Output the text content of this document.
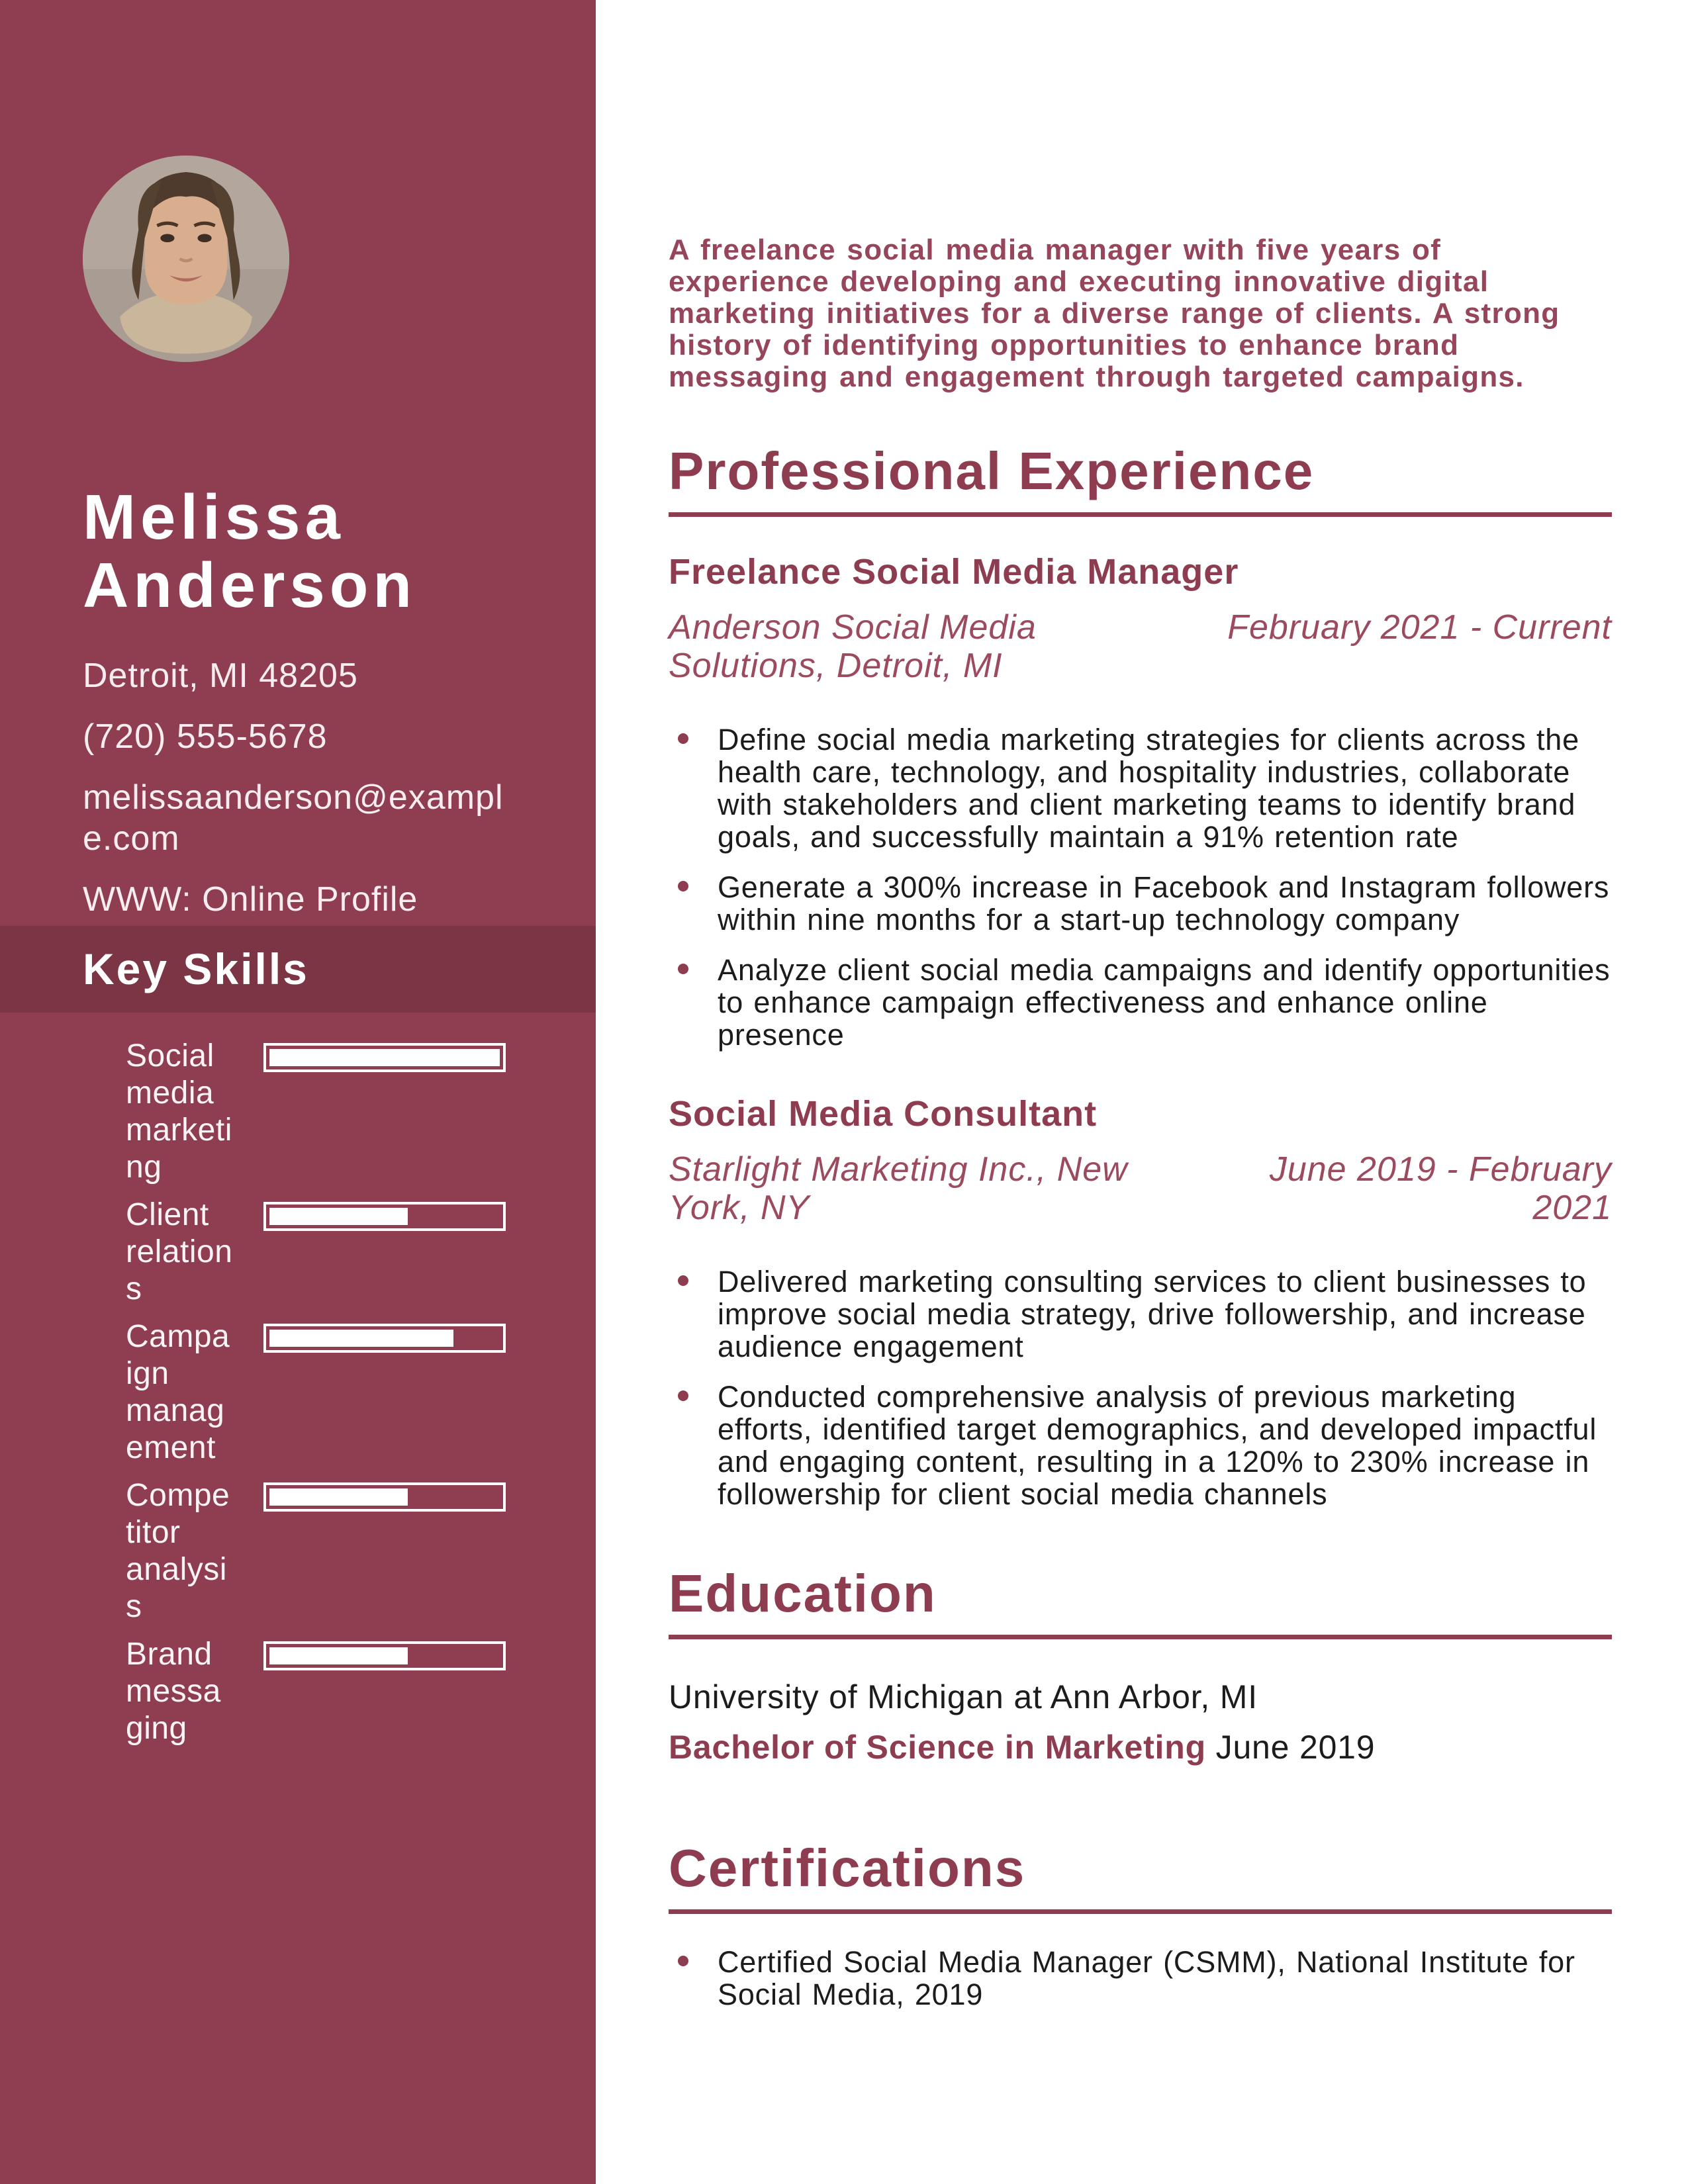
Melissa Anderson
Detroit, MI 48205
(720) 555-5678
melissaanderson@example.com
WWW: Online Profile
Key Skills
Social media marketing
Client relations
Campaign management
Competitor analysis
Brand messaging

A freelance social media manager with five years of experience developing and executing innovative digital marketing initiatives for a diverse range of clients. A strong history of identifying opportunities to enhance brand messaging and engagement through targeted campaigns.

Professional Experience
Freelance Social Media Manager
Anderson Social Media Solutions, Detroit, MI
February 2021 - Current
Define social media marketing strategies for clients across the health care, technology, and hospitality industries, collaborate with stakeholders and client marketing teams to identify brand goals, and successfully maintain a 91% retention rate
Generate a 300% increase in Facebook and Instagram followers within nine months for a start-up technology company
Analyze client social media campaigns and identify opportunities to enhance campaign effectiveness and enhance online presence
Social Media Consultant
Starlight Marketing Inc., New York, NY
June 2019 - February 2021
Delivered marketing consulting services to client businesses to improve social media strategy, drive followership, and increase audience engagement
Conducted comprehensive analysis of previous marketing efforts, identified target demographics, and developed impactful and engaging content, resulting in a 120% to 230% increase in followership for client social media channels
Education
University of Michigan at Ann Arbor, MI
Bachelor of Science in Marketing June 2019
Certifications
Certified Social Media Manager (CSMM), National Institute for Social Media, 2019
